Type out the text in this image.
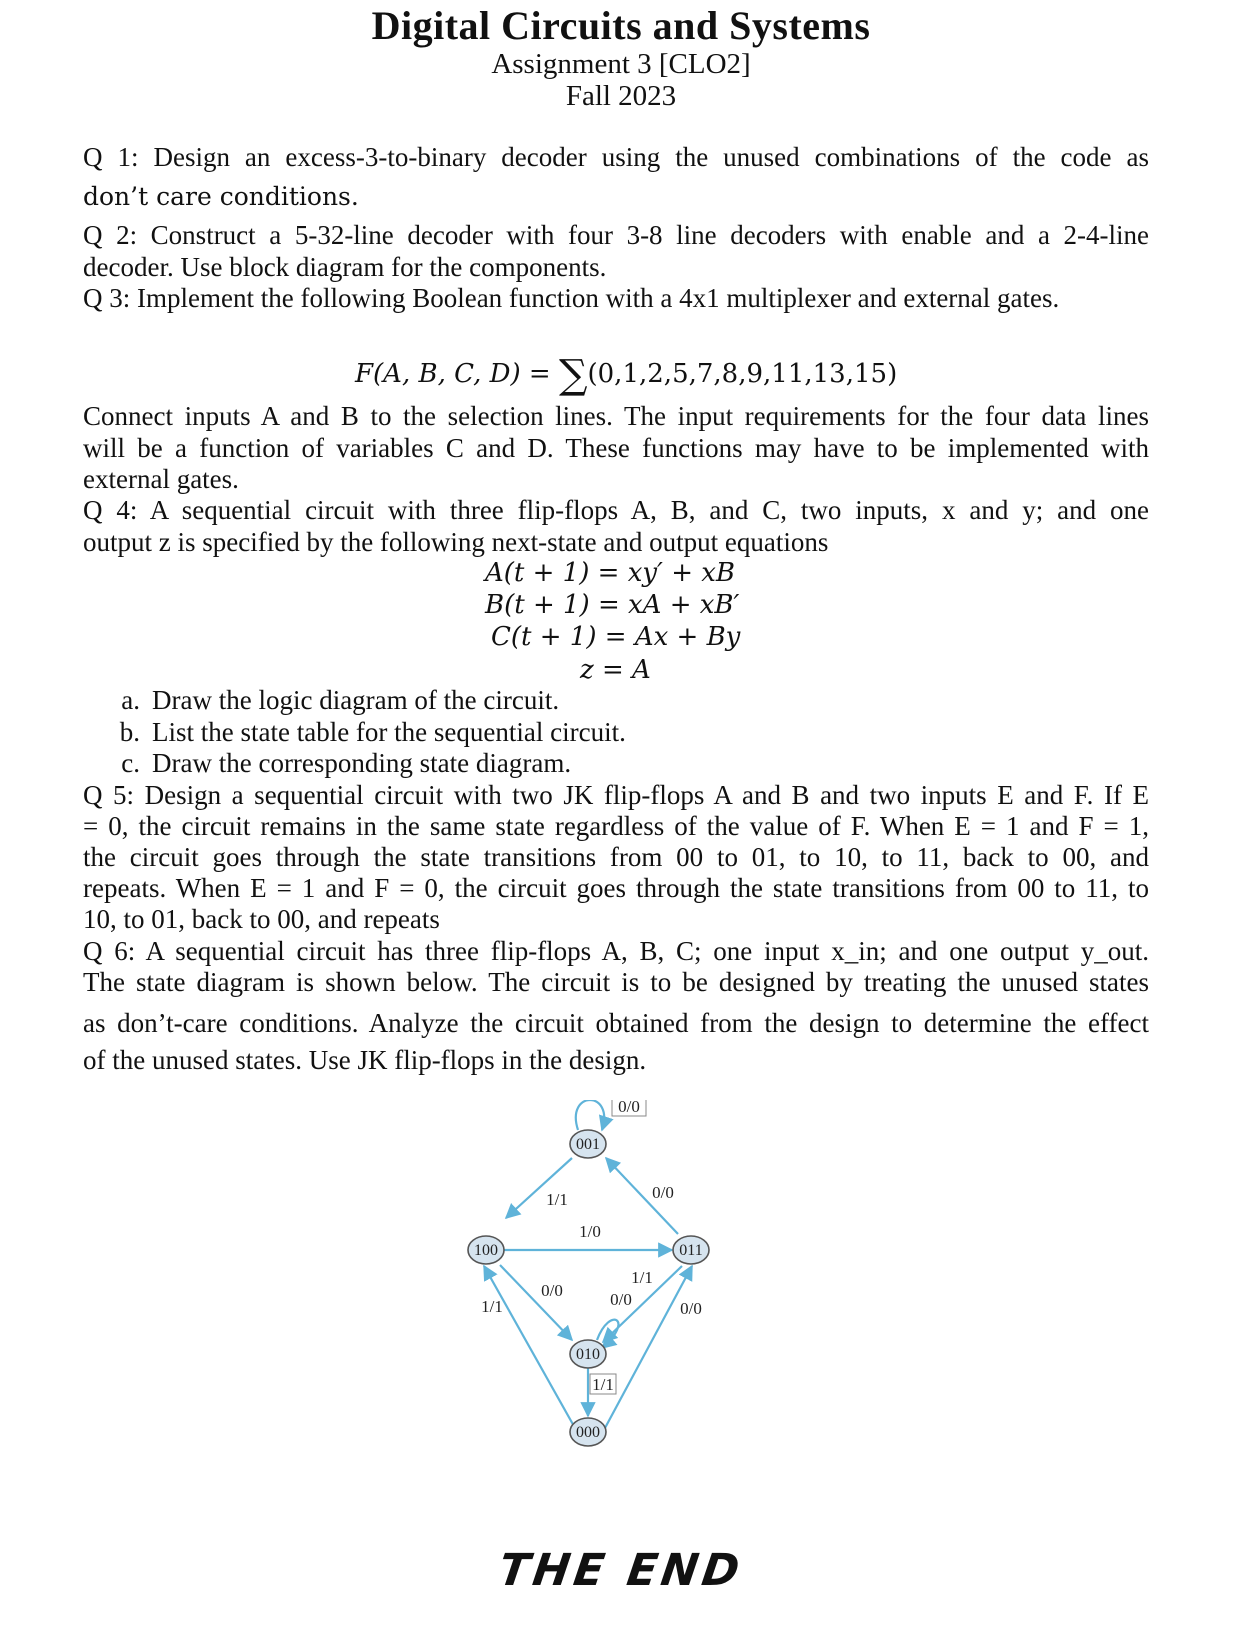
Digital Circuits and Systems
Assignment 3 [CLO2]
Fall 2023
Q 1: Design an excess-3-to-binary decoder using the unused combinations of the code as
don’t care conditions.
Q 2: Construct a 5-32-line decoder with four 3-8 line decoders with enable and a 2-4-line
decoder. Use block diagram for the components.
Q 3: Implement the following Boolean function with a 4x1 multiplexer and external gates.
F(A, B, C, D) = ∑(0,1,2,5,7,8,9,11,13,15)
Connect inputs A and B to the selection lines. The input requirements for the four data lines
will be a function of variables C and D. These functions may have to be implemented with
external gates.
Q 4: A sequential circuit with three flip-flops A, B, and C, two inputs, x and y; and one
output z is specified by the following next-state and output equations
A(t + 1) = xy′ + xB
B(t + 1) = xA + xB′
C(t + 1) = Ax + By
z = A
a. Draw the logic diagram of the circuit.
b. List the state table for the sequential circuit.
c. Draw the corresponding state diagram.
Q 5: Design a sequential circuit with two JK flip-flops A and B and two inputs E and F. If E
= 0, the circuit remains in the same state regardless of the value of F. When E = 1 and F = 1,
the circuit goes through the state transitions from 00 to 01, to 10, to 11, back to 00, and
repeats. When E = 1 and F = 0, the circuit goes through the state transitions from 00 to 11, to
10, to 01, back to 00, and repeats
Q 6: A sequential circuit has three flip-flops A, B, C; one input x_in; and one output y_out.
The state diagram is shown below. The circuit is to be designed by treating the unused states
as don’t-care conditions. Analyze the circuit obtained from the design to determine the effect
of the unused states. Use JK flip-flops in the design.
001
100	011
010
000
0/0
1/1	0/0
1/0
0/0
1/1
0/0
1/1	0/0
1/1
THE END
